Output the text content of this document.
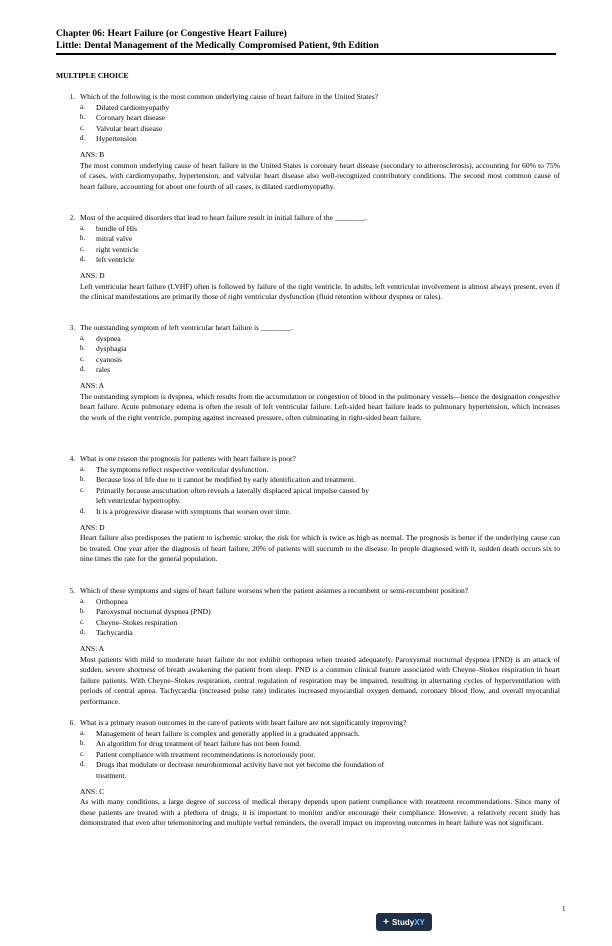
Chapter 06: Heart Failure (or Congestive Heart Failure)
Little: Dental Management of the Medically Compromised Patient, 9th Edition
MULTIPLE CHOICE
1. Which of the following is the most common underlying cause of heart failure in the United States?
a.	Dilated cardiomyopathy
b.	Coronary heart disease
c.	Valvular heart disease
d.	Hypertension
ANS: B
The most common underlying cause of heart failure in the United States is coronary heart disease (secondary to atherosclerosis), accounting for 60% to 75% of cases, with cardiomyopathy, hypertension, and valvular heart disease also well-recognized contributory conditions. The second most common cause of heart failure, accounting for about one fourth of all cases, is dilated cardiomyopathy.
2. Most of the acquired disorders that lead to heart failure result in initial failure of the ________.
a.	bundle of His
b.	mitral valve
c.	right ventricle
d.	left ventricle
ANS: D
Left ventricular heart failure (LVHF) often is followed by failure of the right ventricle. In adults, left ventricular involvement is almost always present, even if the clinical manifestations are primarily those of right ventricular dysfunction (fluid retention without dyspnea or rales).
3. The outstanding symptom of left ventricular heart failure is ________.
a.	dyspnea
b.	dysphagia
c.	cyanosis
d.	rales
ANS: A
The outstanding symptom is dyspnea, which results from the accumulation or congestion of blood in the pulmonary vessels—hence the designation congestive heart failure. Acute pulmonary edema is often the result of left ventricular failure. Left-sided heart failure leads to pulmonary hypertension, which increases the work of the right ventricle, pumping against increased pressure, often culminating in right-sided heart failure.
4. What is one reason the prognosis for patients with heart failure is poor?
a.	The symptoms reflect respective ventricular dysfunction.
b.	Because loss of life due to it cannot be modified by early identification and treatment.
c.	Primarily because auscultation often reveals a laterally displaced apical impulse caused by left ventricular hypertrophy.
d.	It is a progressive disease with symptoms that worsen over time.
ANS: D
Heart failure also predisposes the patient to ischemic stroke, the risk for which is twice as high as normal. The prognosis is better if the underlying cause can be treated. One year after the diagnosis of heart failure, 20% of patients will succumb to the disease. In people diagnosed with it, sudden death occurs six to nine times the rate for the general population.
5. Which of these symptoms and signs of heart failure worsens when the patient assumes a recumbent or semi-recumbent position?
a.	Orthopnea
b.	Paroxysmal nocturnal dyspnea (PND)
c.	Cheyne–Stokes respiration
d.	Tachycardia
ANS: A
Most patients with mild to moderate heart failure do not exhibit orthopnea when treated adequately. Paroxysmal nocturnal dyspnea (PND) is an attack of sudden, severe shortness of breath awakening the patient from sleep. PND is a common clinical feature associated with Cheyne–Stokes respiration in heart failure patients. With Cheyne–Stokes respiration, central regulation of respiration may be impaired, resulting in alternating cycles of hyperventilation with periods of central apnea. Tachycardia (increased pulse rate) indicates increased myocardial oxygen demand, coronary blood flow, and overall myocardial performance.
6. What is a primary reason outcomes in the care of patients with heart failure are not significantly improving?
a.	Management of heart failure is complex and generally applied in a graduated approach.
b.	An algorithm for drug treatment of heart failure has not been found.
c.	Patient compliance with treatment recommendations is notoriously poor.
d.	Drugs that modulate or decrease neurohormonal activity have not yet become the foundation of treatment.
ANS: C
As with many conditions, a large degree of success of medical therapy depends upon patient compliance with treatment recommendations. Since many of these patients are treated with a plethora of drugs, it is important to monitor and/or encourage their compliance. However, a relatively recent study has demonstrated that even after telemonitoring and multiple verbal reminders, the overall impact on improving outcomes in heart failure was not significant.
1
+ Study XY
